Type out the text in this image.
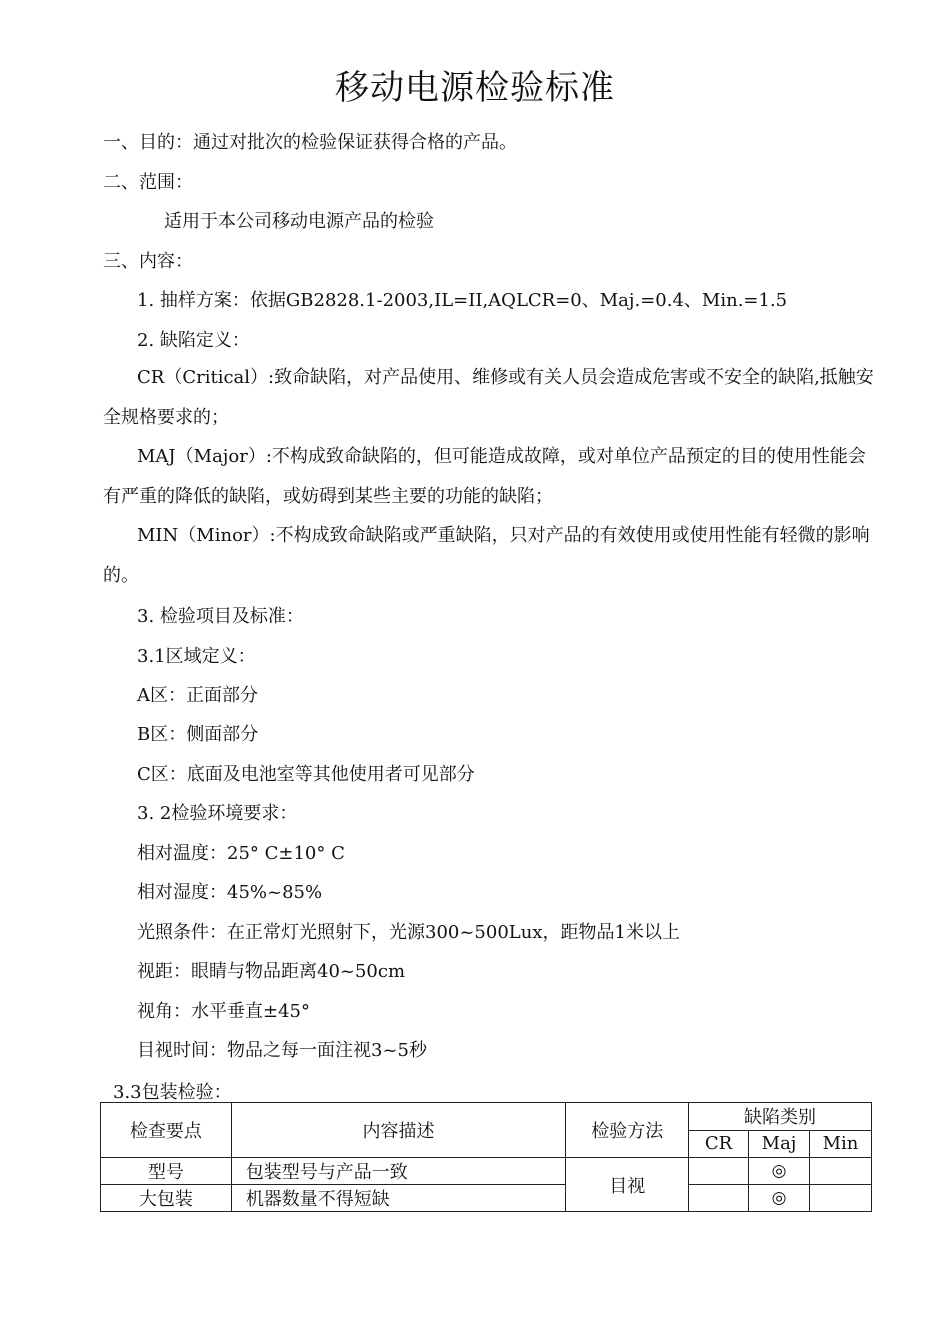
移动电源检验标准
一、目的：通过对批次的检验保证获得合格的产品。
二、范围：
适用于本公司移动电源产品的检验
三、内容：
1. 抽样方案：依据GB2828.1-2003,IL=II,AQLCR=0、Maj.=0.4、Min.=1.5
2. 缺陷定义：
CR（Critical）:致命缺陷，对产品使用、维修或有关人员会造成危害或不安全的缺陷,抵触安全规格要求的；
MAJ（Major）:不构成致命缺陷的，但可能造成故障，或对单位产品预定的目的使用性能会有严重的降低的缺陷，或妨碍到某些主要的功能的缺陷；
MIN（Minor）:不构成致命缺陷或严重缺陷，只对产品的有效使用或使用性能有轻微的影响的。
3. 检验项目及标准：
3.1区域定义：
A区：正面部分
B区：侧面部分
C区：底面及电池室等其他使用者可见部分
3. 2检验环境要求：
相对温度：25° C±10° C
相对湿度：45%~85%
光照条件：在正常灯光照射下，光源300~500Lux，距物品1米以上
视距：眼睛与物品距离40~50cm
视角：水平垂直±45°
目视时间：物品之每一面注视3~5秒
3.3包装检验：
检查要点	内容描述	检验方法	缺陷类别		
			CR	Maj	Min
型号	包装型号与产品一致	目视		◎	
大包装	机器数量不得短缺			◎	
